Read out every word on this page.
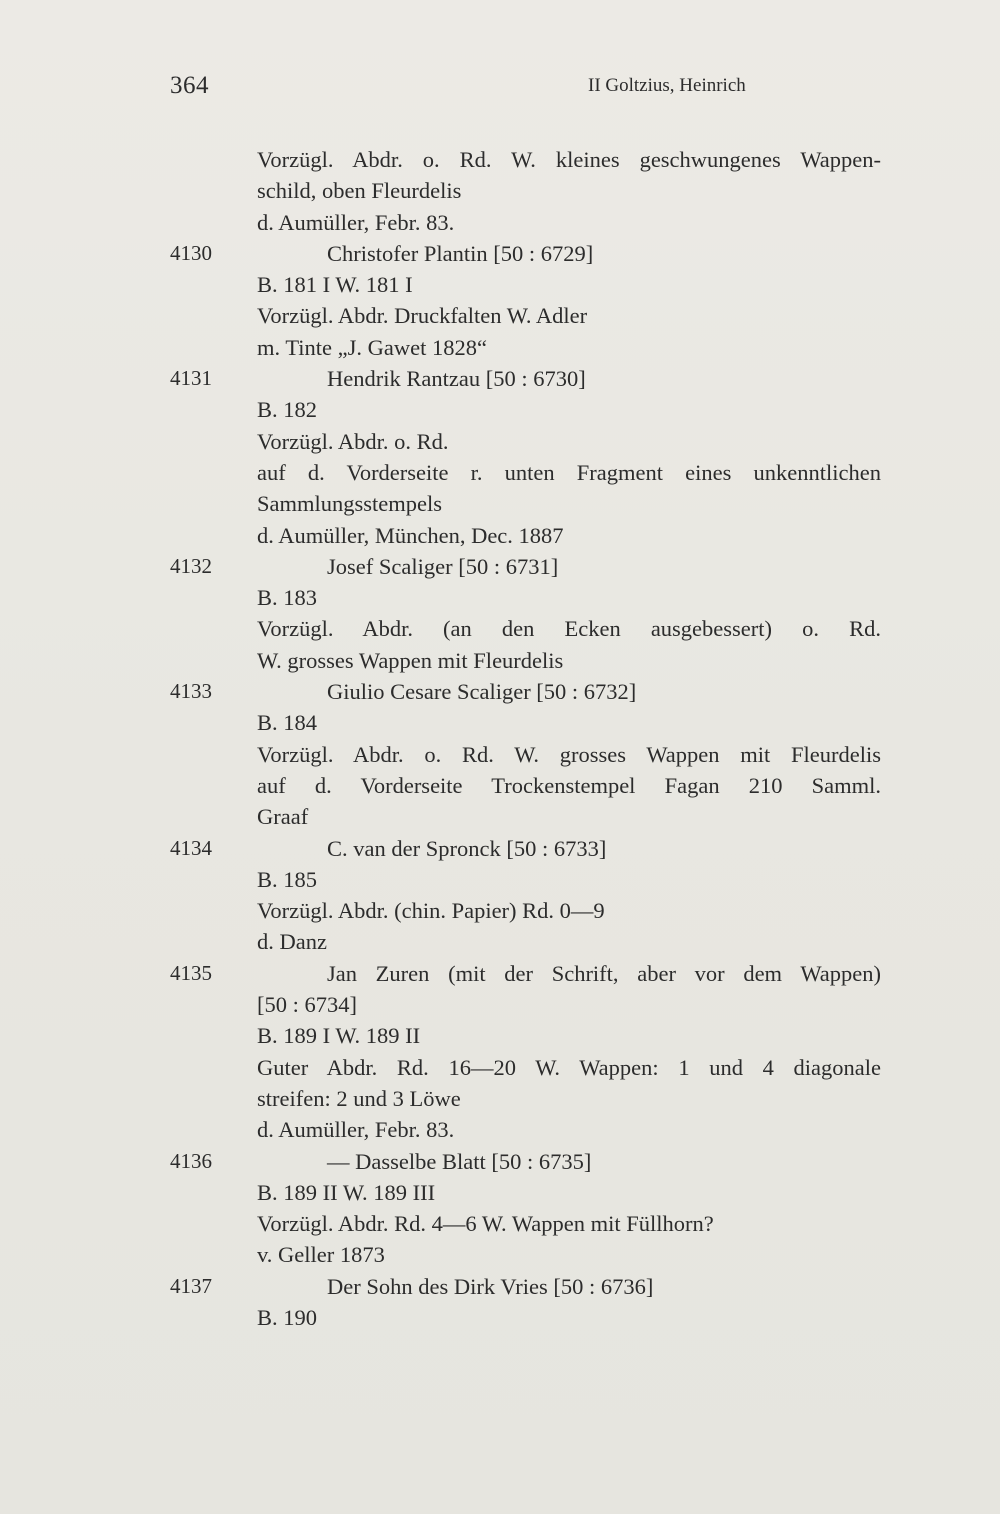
364	II Goltzius, Heinrich
Vorzügl. Abdr. o. Rd. W. kleines geschwungenes Wappen-
schild, oben Fleurdelis
d. Aumüller, Febr. 83.
4130	Christofer Plantin [50 : 6729]
B. 181 I W. 181 I
Vorzügl. Abdr. Druckfalten W. Adler
m. Tinte „J. Gawet 1828“
4131	Hendrik Rantzau [50 : 6730]
B. 182
Vorzügl. Abdr. o. Rd.
auf d. Vorderseite r. unten Fragment eines unkenntlichen
Sammlungsstempels
d. Aumüller, München, Dec. 1887
4132	Josef Scaliger [50 : 6731]
B. 183
Vorzügl. Abdr. (an den Ecken ausgebessert) o. Rd.
W. grosses Wappen mit Fleurdelis
4133	Giulio Cesare Scaliger [50 : 6732]
B. 184
Vorzügl. Abdr. o. Rd. W. grosses Wappen mit Fleurdelis
auf d. Vorderseite Trockenstempel Fagan 210 Samml.
Graaf
4134	C. van der Spronck [50 : 6733]
B. 185
Vorzügl. Abdr. (chin. Papier) Rd. 0—9
d. Danz
4135	Jan Zuren (mit der Schrift, aber vor dem Wappen)
[50 : 6734]
B. 189 I W. 189 II
Guter Abdr. Rd. 16—20 W. Wappen: 1 und 4 diagonale
streifen: 2 und 3 Löwe
d. Aumüller, Febr. 83.
4136	— Dasselbe Blatt [50 : 6735]
B. 189 II W. 189 III
Vorzügl. Abdr. Rd. 4—6 W. Wappen mit Füllhorn?
v. Geller 1873
4137	Der Sohn des Dirk Vries [50 : 6736]
B. 190
